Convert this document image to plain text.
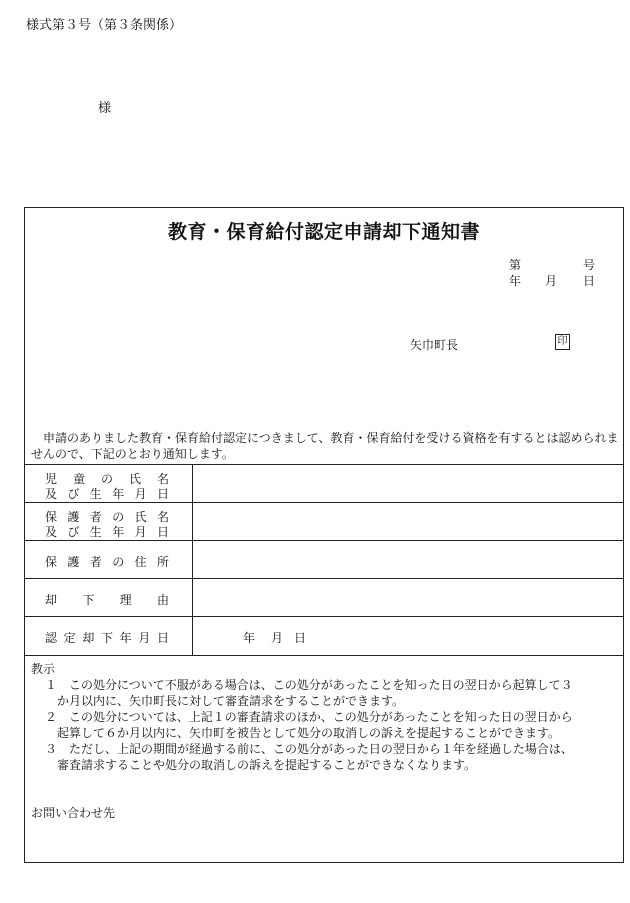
様式第３号（第３条関係）
様
教育・保育給付認定申請却下通知書
第	号
年 月 日
矢巾町長	印
申請のありました教育・保育給付認定につきまして、教育・保育給付を受ける資格を有するとは認められませんので、下記のとおり通知します。
児童の氏名
及び生年月日
保護者の氏名
及び生年月日
保護者の住所
却下理由
認定却下年月日	年 月 日
教示
１　この処分について不服がある場合は、この処分があったことを知った日の翌日から起算して３
か月以内に、矢巾町長に対して審査請求をすることができます。
２　この処分については、上記１の審査請求のほか、この処分があったことを知った日の翌日から
起算して６か月以内に、矢巾町を被告として処分の取消しの訴えを提起することができます。
３　ただし、上記の期間が経過する前に、この処分があった日の翌日から１年を経過した場合は、
審査請求することや処分の取消しの訴えを提起することができなくなります。
お問い合わせ先
